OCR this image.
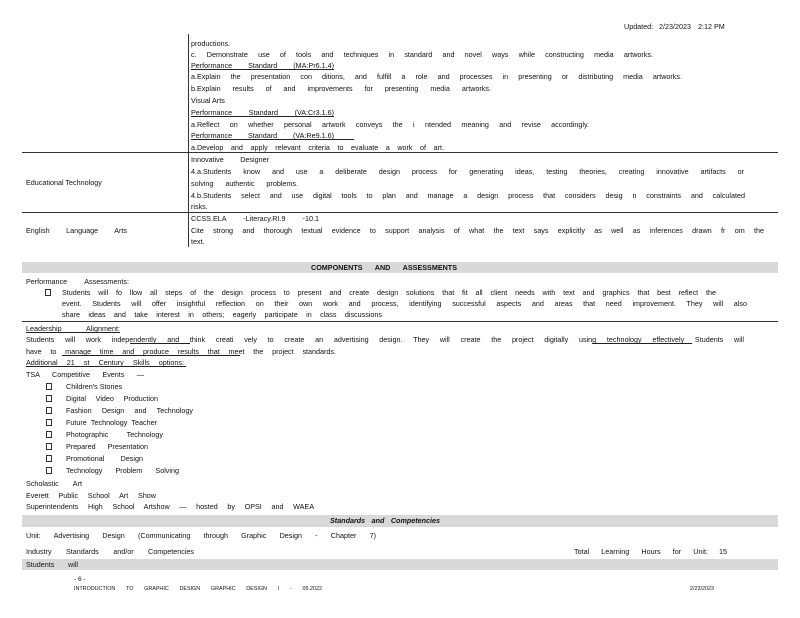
Updated: 2/23/2023 2:12 PM
productions.
c. Demonstrate use of tools and techniques in standard and novel ways while constructing media artworks.
Performance Standard (MA:Pr6.1.4)
a.Explain the presentation con ditions, and fulfill a role and processes in presenting or distributing media artworks.
b.Explain results of and improvements for presenting media artworks.
Visual Arts
Performance Standard (VA:Cr3.1.6)
a.Reflect on whether personal artwork conveys the i ntended meaning and revise accordingly.
Performance Standard (VA:Re9.1.6)
a.Develop and apply relevant criteria to evaluate a work of art.
Educational Technology
Innovative Designer
4.a.Students know and use a deliberate design process for generating ideas, testing theories, creating innovative artifacts or
solving authentic problems.
4.b.Students select and use digital tools to plan and manage a design process that considers desig n constraints and calculated
risks.
English Language Arts
CCSS.ELA -Literacy.RI.9 -10.1
Cite strong and thorough textual evidence to support analysis of what the text says explicitly as well as inferences drawn fr om the
text.
COMPONENTS AND ASSESSMENTS
Performance Assessments:
Students will fo llow all steps of the design process to present and create design solutions that fit all client needs with text and graphics that best reflect the
event. Students will offer insightful reflection on their own work and process, identifying successful aspects and areas that need improvement. They will also
share ideas and take interest in others; eagerly participate in class discussions
Leadership Alignment:
Students will work independently and think creati vely to create an advertising design. They will create the project digitally using technology effectively Students will
have to manage time and produce results that meet the project standards.
Additional 21 st Century Skills options:
TSA Competitive Events —
Children's Stories
Digital Video Production
Fashion Design and Technology
Future Technology Teacher
Photographic Technology
Prepared Presentation
Promotional Design
Technology Problem Solving
Scholastic Art
Everett Public School Art Show
Superintendents High School Artshow — hosted by OPSI and WAEA
Standards and Competencies
Unit: Advertising Design (Communicating through Graphic Design - Chapter 7)
Industry Standards and/or Competencies	Total Learning Hours for Unit: 15
Students will
- 6 -
INTRODUCTION TO GRAPHIC DESIGN GRAPHIC DESIGN I - 05.2022	2/23/2023
